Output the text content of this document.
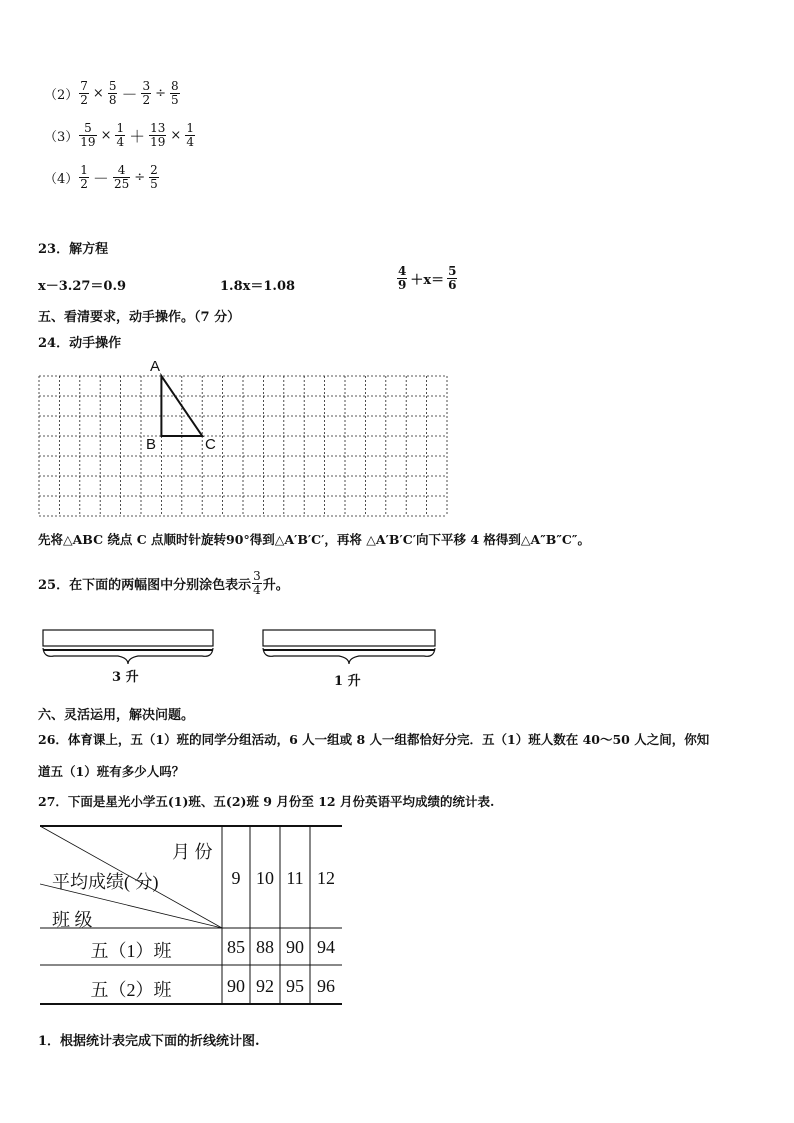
$(2) \frac{7}{2} \times \frac{5}{8} - \frac{3}{2} \div \frac{8}{5}$
$(3) \frac{5}{19} \times \frac{1}{4} + \frac{13}{19} \times \frac{1}{4}$
$(4) \frac{1}{2} - \frac{4}{25} \div \frac{2}{5}$
23．解方程
x－3.27＝0.9	1.8x＝1.08	$\frac{4}{9} +x= \frac{5}{6}$
五、看清要求，动手操作。（7 分）
24．动手操作
A
B	C
先将△ABC 绕点 C 点顺时针旋转90°得到△A′B′C′，再将 △A′B′C′向下平移 4 格得到△A″B″C″。
25．在下面的两幅图中分别涂色表示 $\frac{3}{4}$ 升。
3 升	1 升
六、灵活运用，解决问题。
26．体育课上，五（1）班的同学分组活动，6 人一组或 8 人一组都恰好分完．五（1）班人数在 40～50 人之间，你知
道五（1）班有多少人吗？
27．下面是星光小学五(1)班、五(2)班 9 月份至 12 月份英语平均成绩的统计表.
月 份
平均成绩( 分)
班 级
9 10 11 12
五（1）班	85 88 90 94
五（2）班	90 92 95 96
1．根据统计表完成下面的折线统计图.
